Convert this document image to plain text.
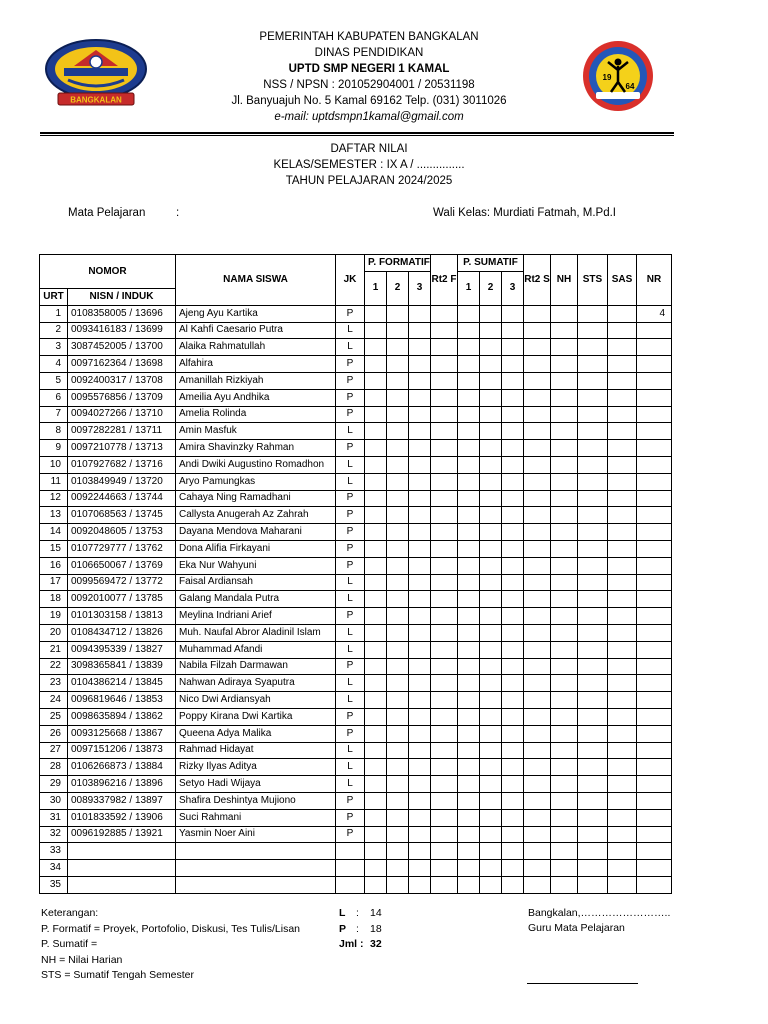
BANGKALAN
19
64
PEMERINTAH KABUPATEN BANGKALAN
DINAS PENDIDIKAN
UPTD SMP NEGERI 1 KAMAL
NSS / NPSN : 201052904001 / 20531198
Jl. Banyuajuh No. 5 Kamal 69162 Telp. (031) 3011026
e-mail: uptdsmpn1kamal@gmail.com
DAFTAR NILAI
KELAS/SEMESTER : IX A / ...............
TAHUN PELAJARAN 2024/2025
Mata Pelajaran	:	Wali Kelas: Murdiati Fatmah, M.Pd.I
NOMOR		NAMA SISWA	JK	P. FORMATIF			Rt2 F	P. SUMATIF			Rt2 S	NH	STS	SAS	NR
				1	2	3		1	2	3					
URT	NISN / INDUK														
1	0108358005 / 13696	Ajeng Ayu Kartika	P												4
2	0093416183 / 13699	Al Kahfi Caesario Putra	L												
3	3087452005 / 13700	Alaika Rahmatullah	L												
4	0097162364 / 13698	Alfahira	P												
5	0092400317 / 13708	Amanillah Rizkiyah	P												
6	0095576856 / 13709	Ameilia Ayu Andhika	P												
7	0094027266 / 13710	Amelia Rolinda	P												
8	0097282281 / 13711	Amin Masfuk	L												
9	0097210778 / 13713	Amira Shavinzky Rahman	P												
10	0107927682 / 13716	Andi Dwiki Augustino Romadhon	L												
11	0103849949 / 13720	Aryo Pamungkas	L												
12	0092244663 / 13744	Cahaya Ning Ramadhani	P												
13	0107068563 / 13745	Callysta Anugerah Az Zahrah	P												
14	0092048605 / 13753	Dayana Mendova Maharani	P												
15	0107729777 / 13762	Dona Alifia Firkayani	P												
16	0106650067 / 13769	Eka Nur Wahyuni	P												
17	0099569472 / 13772	Faisal Ardiansah	L												
18	0092010077 / 13785	Galang Mandala Putra	L												
19	0101303158 / 13813	Meylina Indriani Arief	P												
20	0108434712 / 13826	Muh. Naufal Abror Aladinil Islam	L												
21	0094395339 / 13827	Muhammad Afandi	L												
22	3098365841 / 13839	Nabila Filzah Darmawan	P												
23	0104386214 / 13845	Nahwan Adiraya Syaputra	L												
24	0096819646 / 13853	Nico Dwi Ardiansyah	L												
25	0098635894 / 13862	Poppy Kirana Dwi Kartika	P												
26	0093125668 / 13867	Queena Adya Malika	P												
27	0097151206 / 13873	Rahmad Hidayat	L												
28	0106266873 / 13884	Rizky Ilyas Aditya	L												
29	0103896216 / 13896	Setyo Hadi Wijaya	L												
30	0089337982 / 13897	Shafira Deshintya Mujiono	P												
31	0101833592 / 13906	Suci Rahmani	P												
32	0096192885 / 13921	Yasmin Noer Aini	P												
33															
34															
35															
Keterangan:
P. Formatif = Proyek, Portofolio, Diskusi, Tes Tulis/Lisan
P. Sumatif =
NH = Nilai Harian
STS = Sumatif Tengah Semester
L : 14
P : 18
Jml : 32
Bangkalan,……………………..
Guru Mata Pelajaran
